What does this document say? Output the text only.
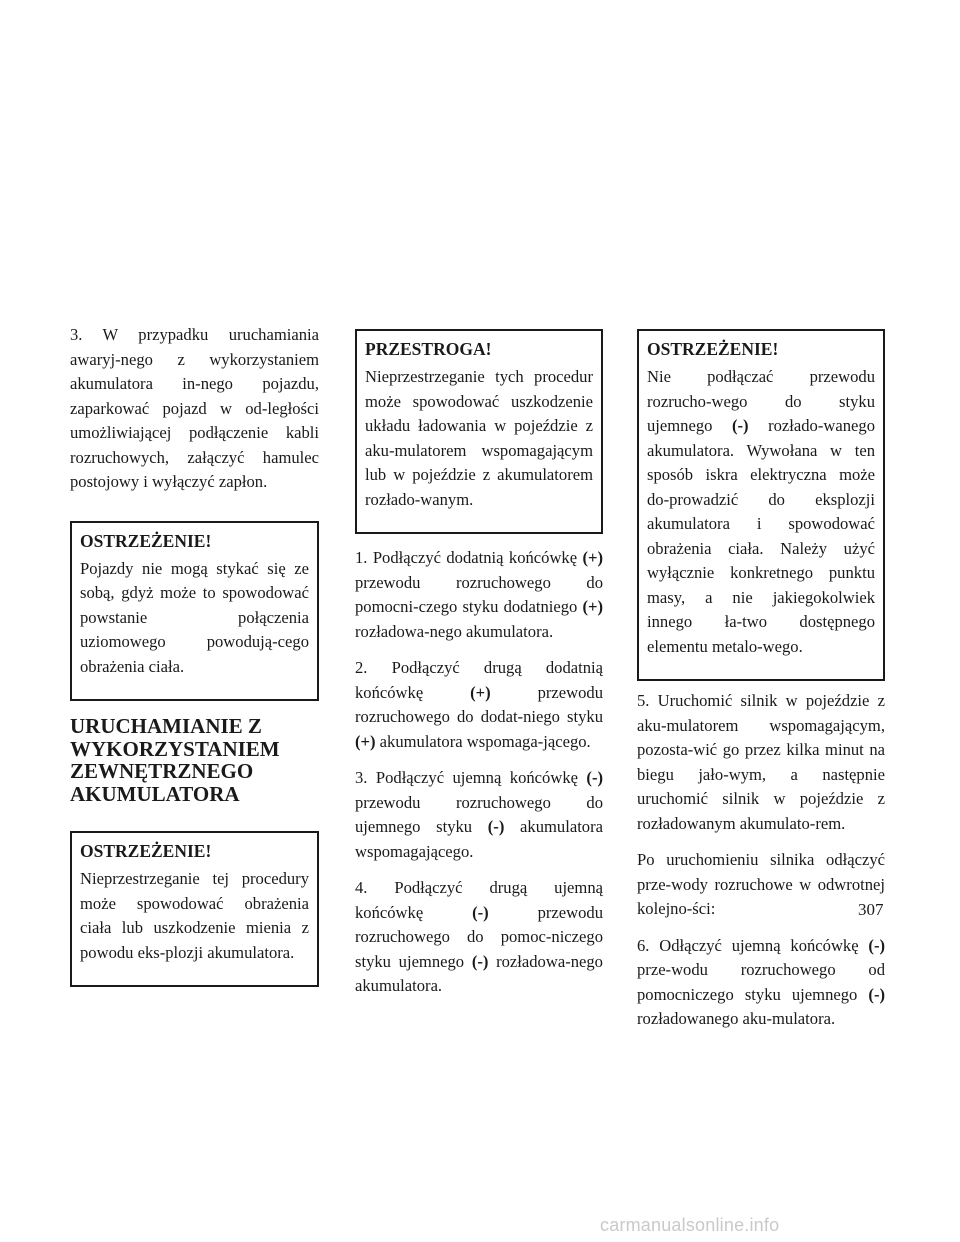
3. W przypadku uruchamiania awaryj-nego z wykorzystaniem akumulatora in-nego pojazdu, zaparkować pojazd w od-ległości umożliwiającej podłączenie kabli rozruchowych, załączyć hamulec postojowy i wyłączyć zapłon.

OSTRZEŻENIE!

Pojazdy nie mogą stykać się ze sobą, gdyż może to spowodować powstanie połączenia uziomowego powodują-cego obrażenia ciała.

URUCHAMIANIE Z WYKORZYSTANIEM ZEWNĘTRZNEGO AKUMULATORA
OSTRZEŻENIE!

Nieprzestrzeganie tej procedury może spowodować obrażenia ciała lub uszkodzenie mienia z powodu eks-plozji akumulatora.

PRZESTROGA!

Nieprzestrzeganie tych procedur może spowodować uszkodzenie układu ładowania w pojeździe z aku-mulatorem wspomagającym lub w pojeździe z akumulatorem rozłado-wanym.

1. Podłączyć dodatnią końcówkę (+) przewodu rozruchowego do pomocni-czego styku dodatniego (+) rozładowa-nego akumulatora.

2. Podłączyć drugą dodatnią końcówkę (+) przewodu rozruchowego do dodat-niego styku (+) akumulatora wspomaga-jącego.

3. Podłączyć ujemną końcówkę (-) przewodu rozruchowego do ujemnego styku (-) akumulatora wspomagającego.

4. Podłączyć drugą ujemną końcówkę (-) przewodu rozruchowego do pomoc-niczego styku ujemnego (-) rozładowa-nego akumulatora.

OSTRZEŻENIE!

Nie podłączać przewodu rozrucho-wego do styku ujemnego (-) rozłado-wanego akumulatora. Wywołana w ten sposób iskra elektryczna może do-prowadzić do eksplozji akumulatora i spowodować obrażenia ciała. Należy użyć wyłącznie konkretnego punktu masy, a nie jakiegokolwiek innego ła-two dostępnego elementu metalo-wego.

5. Uruchomić silnik w pojeździe z aku-mulatorem wspomagającym, pozosta-wić go przez kilka minut na biegu jało-wym, a następnie uruchomić silnik w pojeździe z rozładowanym akumulato-rem.

Po uruchomieniu silnika odłączyć prze-wody rozruchowe w odwrotnej kolejno-ści:

6. Odłączyć ujemną końcówkę (-) prze-wodu rozruchowego od pomocniczego styku ujemnego (-) rozładowanego aku-mulatora.

307
carmanualsonline.info
